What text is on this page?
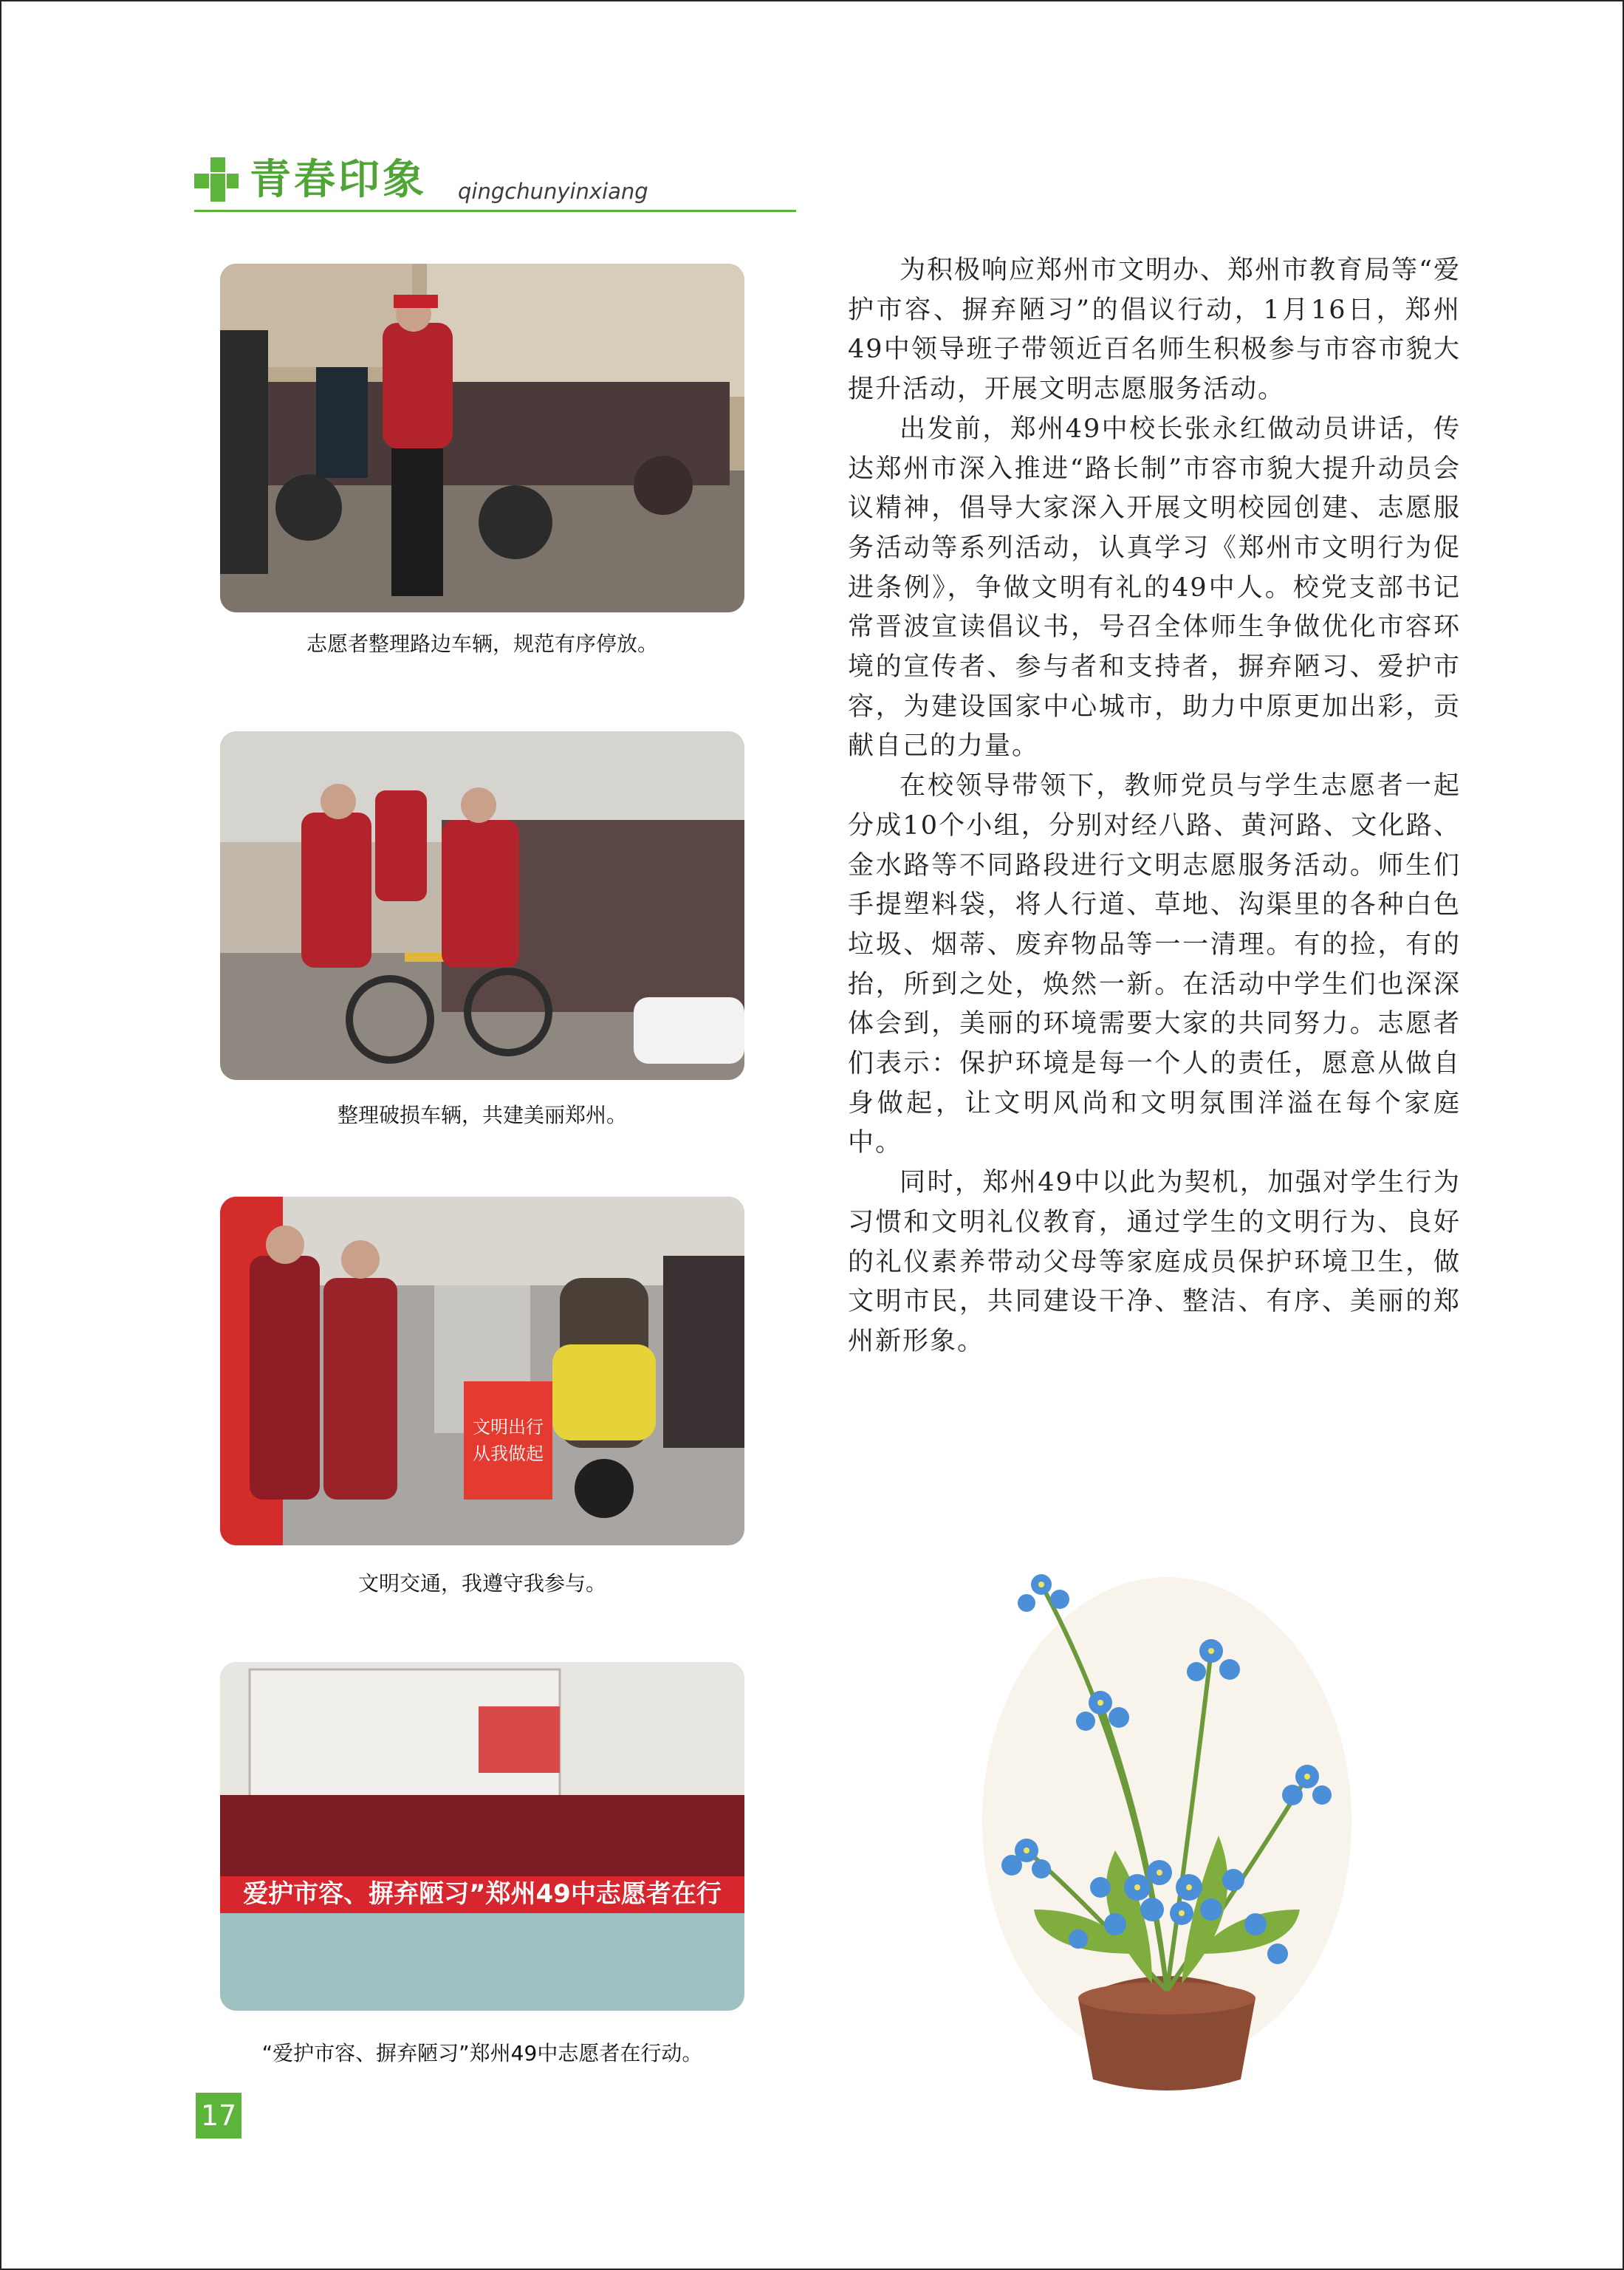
青春印象 qingchunyinxiang
志愿者整理路边车辆，规范有序停放。
整理破损车辆，共建美丽郑州。
文明出行
从我做起
文明交通，我遵守我参与。
爱护市容、摒弃陋习”郑州49中志愿者在行
“爱护市容、摒弃陋习”郑州49中志愿者在行动。

为积极响应郑州市文明办、郑州市教育局等“爱护市容、摒弃陋习”的倡议行动，1月16日，郑州49中领导班子带领近百名师生积极参与市容市貌大提升活动，开展文明志愿服务活动。

出发前，郑州49中校长张永红做动员讲话，传达郑州市深入推进“路长制”市容市貌大提升动员会议精神，倡导大家深入开展文明校园创建、志愿服务活动等系列活动，认真学习《郑州市文明行为促进条例》，争做文明有礼的49中人。校党支部书记常晋波宣读倡议书，号召全体师生争做优化市容环境的宣传者、参与者和支持者，摒弃陋习、爱护市容，为建设国家中心城市，助力中原更加出彩，贡献自己的力量。

在校领导带领下，教师党员与学生志愿者一起分成10个小组，分别对经八路、黄河路、文化路、金水路等不同路段进行文明志愿服务活动。师生们手提塑料袋，将人行道、草地、沟渠里的各种白色垃圾、烟蒂、废弃物品等一一清理。有的捡，有的抬，所到之处，焕然一新。在活动中学生们也深深体会到，美丽的环境需要大家的共同努力。志愿者们表示：保护环境是每一个人的责任，愿意从做自身做起，让文明风尚和文明氛围洋溢在每个家庭中。

同时，郑州49中以此为契机，加强对学生行为习惯和文明礼仪教育，通过学生的文明行为、良好的礼仪素养带动父母等家庭成员保护环境卫生，做文明市民，共同建设干净、整洁、有序、美丽的郑州新形象。

17
